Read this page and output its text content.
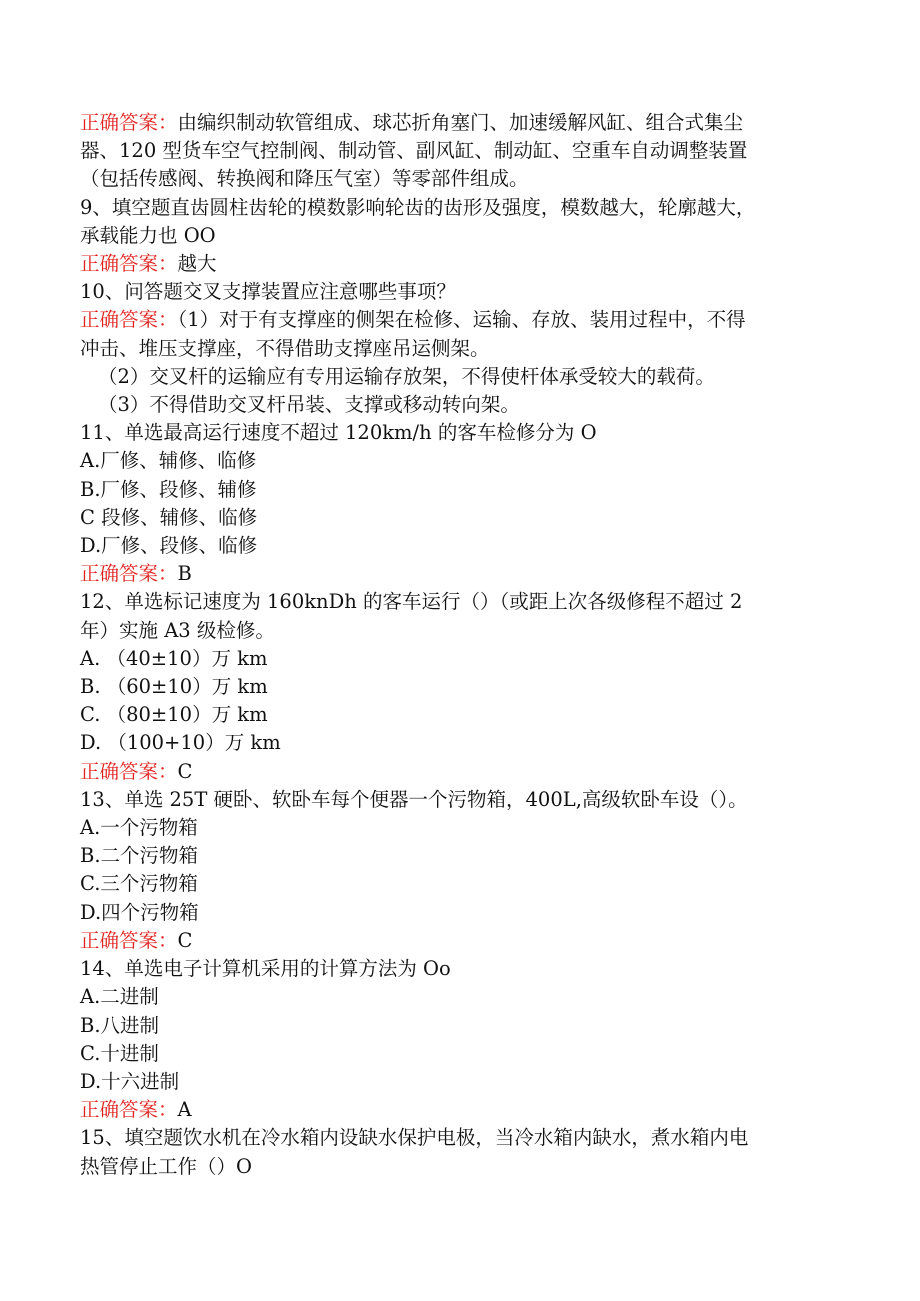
正确答案：由编织制动软管组成、球芯折角塞门、加速缓解风缸、组合式集尘
器、120 型货车空气控制阀、制动管、副风缸、制动缸、空重车自动调整装置
（包括传感阀、转换阀和降压气室）等零部件组成。
9、填空题直齿圆柱齿轮的模数影响轮齿的齿形及强度，模数越大，轮廓越大，
承载能力也 OO
正确答案：越大
10、问答题交叉支撑装置应注意哪些事项？
正确答案：（1）对于有支撑座的侧架在检修、运输、存放、装用过程中，不得
冲击、堆压支撑座，不得借助支撑座吊运侧架。
（2）交叉杆的运输应有专用运输存放架，不得使杆体承受较大的载荷。
（3）不得借助交叉杆吊装、支撑或移动转向架。
11、单选最高运行速度不超过 120km/h 的客车检修分为 O
A.厂修、辅修、临修
B.厂修、段修、辅修
C 段修、辅修、临修
D.厂修、段修、临修
正确答案：B
12、单选标记速度为 160knDh 的客车运行（）（或距上次各级修程不超过 2
年）实施 A3 级检修。
A. （40±10）万 km
B. （60±10）万 km
C. （80±10）万 km
D. （100+10）万 km
正确答案：C
13、单选 25T 硬卧、软卧车每个便器一个污物箱，400L,高级软卧车设（）。
A.一个污物箱
B.二个污物箱
C.三个污物箱
D.四个污物箱
正确答案：C
14、单选电子计算机采用的计算方法为 Oo
A.二进制
B.八进制
C.十进制
D.十六进制
正确答案：A
15、填空题饮水机在冷水箱内设缺水保护电极，当冷水箱内缺水，煮水箱内电
热管停止工作（）O
